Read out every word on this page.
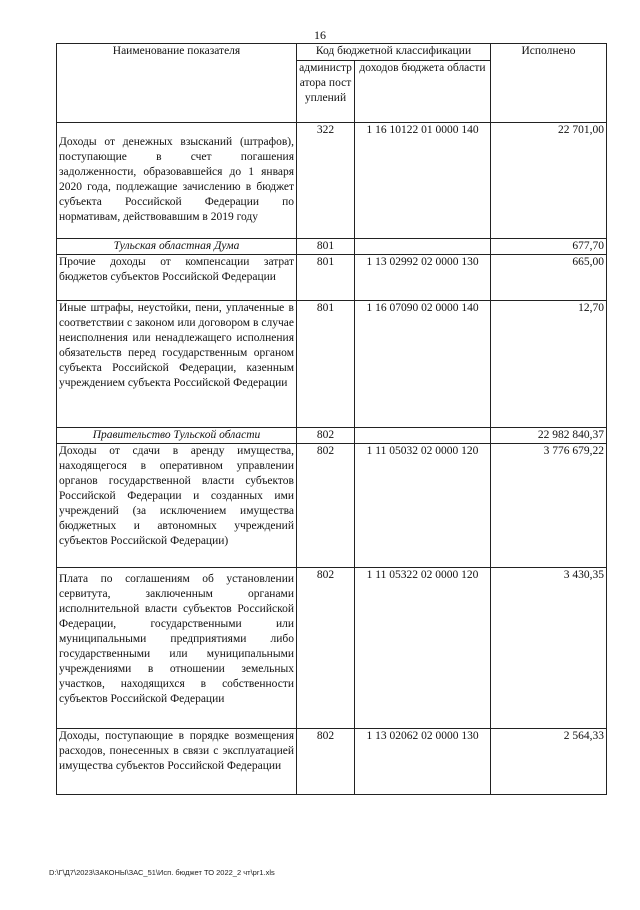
16
Наименование показателя	Код бюджетной классификации		Исполнено

	администратора поступлений	доходов бюджета области	
Доходы от денежных взысканий (штрафов), поступающие в счет погашения задолженности, образовавшейся до 1 января 2020 года, подлежащие зачислению в бюджет субъекта Российской Федерации по нормативам, действовавшим в 2019 году	322	1 16 10122 01 0000 140	22 701,00
Тульская областная Дума	801		677,70
Прочие доходы от компенсации затрат бюджетов субъектов Российской Федерации	801	1 13 02992 02 0000 130	665,00
Иные штрафы, неустойки, пени, уплаченные в соответствии с законом или договором в случае неисполнения или ненадлежащего исполнения обязательств перед государственным органом субъекта Российской Федерации, казенным учреждением субъекта Российской Федерации	801	1 16 07090 02 0000 140	12,70
Правительство Тульской области	802		22 982 840,37
Доходы от сдачи в аренду имущества, находящегося в оперативном управлении органов государственной власти субъектов Российской Федерации и созданных ими учреждений (за исключением имущества бюджетных и автономных учреждений субъектов Российской Федерации)	802	1 11 05032 02 0000 120	3 776 679,22
Плата по соглашениям об установлении сервитута, заключенным органами исполнительной власти субъектов Российской Федерации, государственными или муниципальными предприятиями либо государственными или муниципальными учреждениями в отношении земельных участков, находящихся в собственности субъектов Российской Федерации	802	1 11 05322 02 0000 120	3 430,35
Доходы, поступающие в порядке возмещения расходов, понесенных в связи с эксплуатацией имущества субъектов Российской Федерации	802	1 13 02062 02 0000 130	2 564,33
D:\Г\Д7\2023\ЗАКОНЫ\ЗАС_51\Исп. бюджет ТО 2022_2 чт\pr1.xls
